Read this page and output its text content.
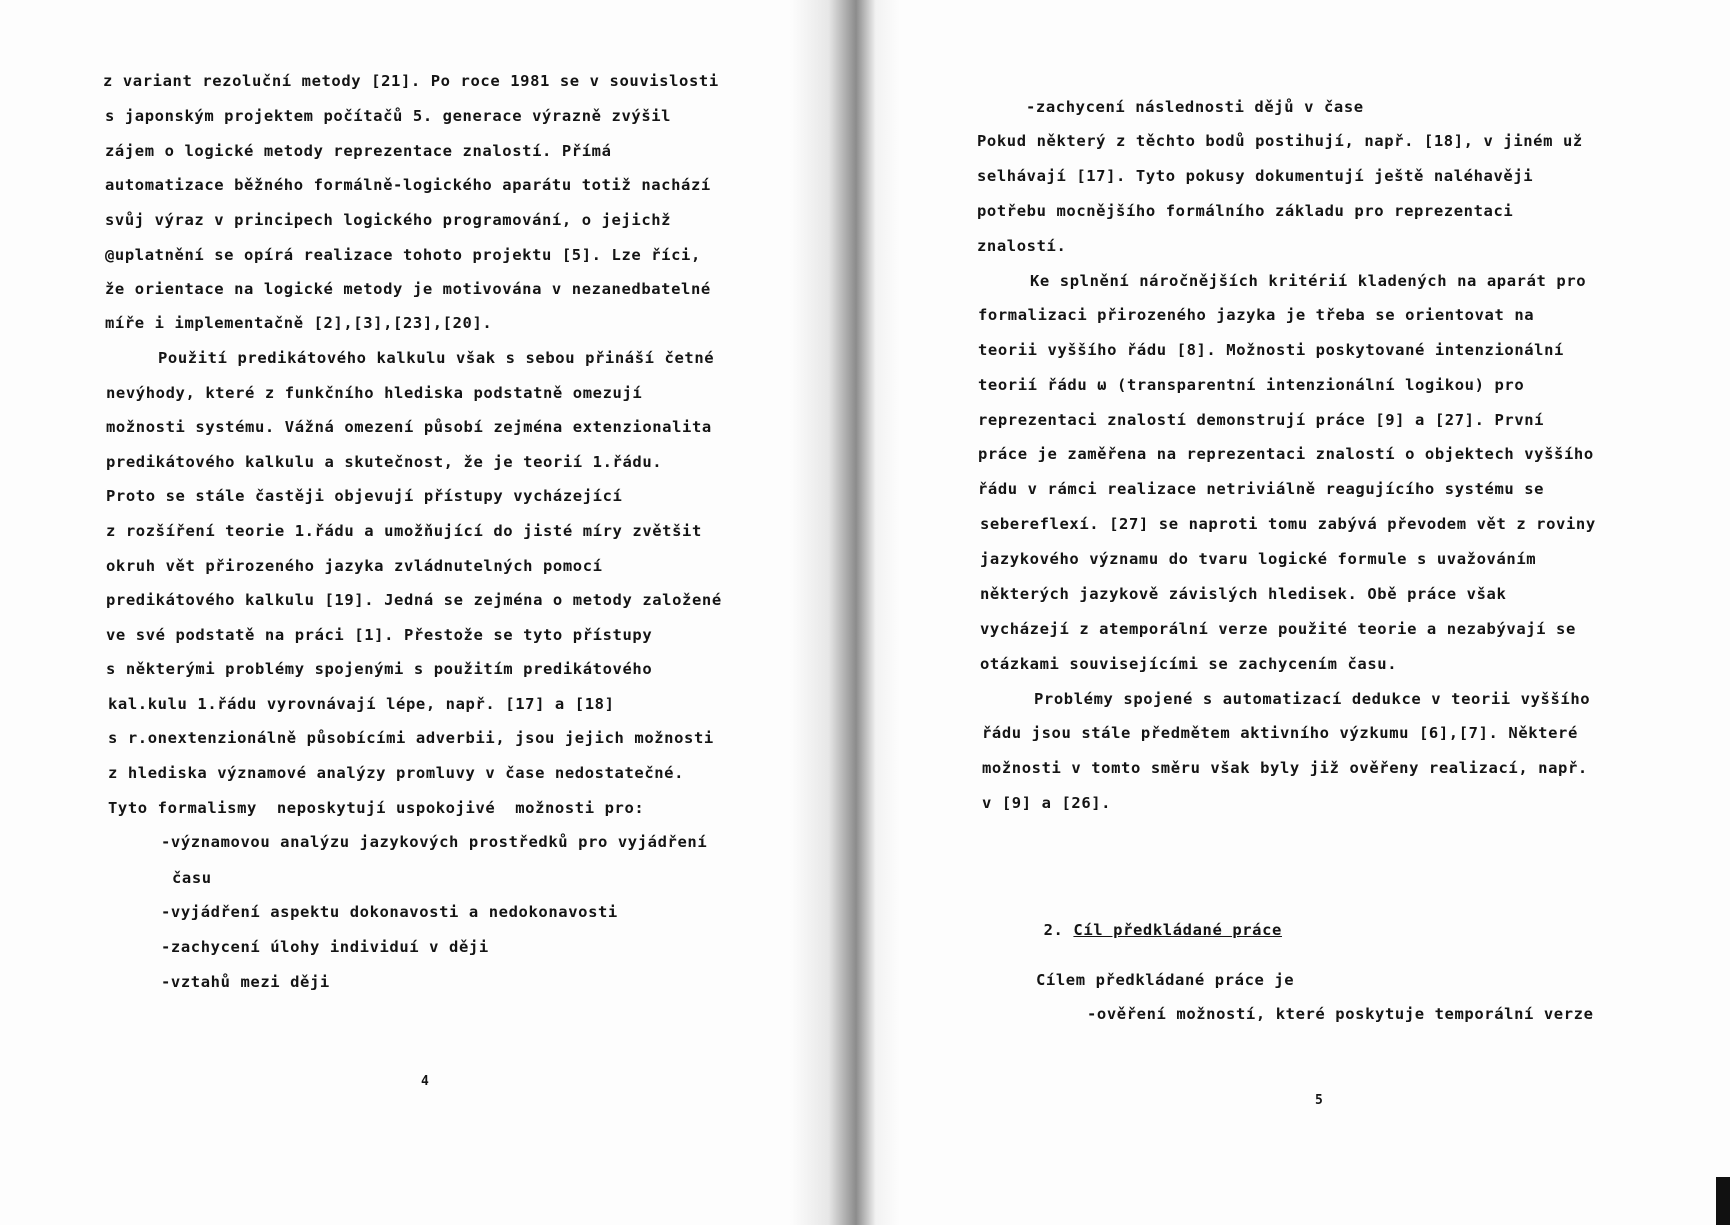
z variant rezoluční metody [21]. Po roce 1981 se v souvislosti
s japonským projektem počítačů 5. generace výrazně zvýšil
zájem o logické metody reprezentace znalostí. Přímá
automatizace běžného formálně-logického aparátu totiž nachází
svůj výraz v principech logického programování, o jejichž
@uplatnění se opírá realizace tohoto projektu [5]. Lze říci,
že orientace na logické metody je motivována v nezanedbatelné
míře i implementačně [2],[3],[23],[20].
Použití predikátového kalkulu však s sebou přináší četné
nevýhody, které z funkčního hlediska podstatně omezují
možnosti systému. Vážná omezení působí zejména extenzionalita
predikátového kalkulu a skutečnost, že je teorií 1.řádu.
Proto se stále častěji objevují přístupy vycházející
z rozšíření teorie 1.řádu a umožňující do jisté míry zvětšit
okruh vět přirozeného jazyka zvládnutelných pomocí
predikátového kalkulu [19]. Jedná se zejména o metody založené
ve své podstatě na práci [1]. Přestože se tyto přístupy
s některými problémy spojenými s použitím predikátového
kal.kulu 1.řádu vyrovnávají lépe, např. [17] a [18]
s r.onextenzionálně působícími adverbii, jsou jejich možnosti
z hlediska významové analýzy promluvy v čase nedostatečné.
Tyto formalismy  neposkytují uspokojivé  možnosti pro:
-významovou analýzu jazykových prostředků pro vyjádření
času
-vyjádření aspektu dokonavosti a nedokonavosti
-zachycení úlohy individuí v ději
-vztahů mezi ději
4
-zachycení následnosti dějů v čase
Pokud některý z těchto bodů postihují, např. [18], v jiném už
selhávají [17]. Tyto pokusy dokumentují ještě naléhavěji
potřebu mocnějšího formálního základu pro reprezentaci
znalostí.
Ke splnění náročnějších kritérií kladených na aparát pro
formalizaci přirozeného jazyka je třeba se orientovat na
teorii vyššího řádu [8]. Možnosti poskytované intenzionální
teorií řádu ω (transparentní intenzionální logikou) pro
reprezentaci znalostí demonstrují práce [9] a [27]. První
práce je zaměřena na reprezentaci znalostí o objektech vyššího
řádu v rámci realizace netriviálně reagujícího systému se
sebereflexí. [27] se naproti tomu zabývá převodem vět z roviny
jazykového významu do tvaru logické formule s uvažováním
některých jazykově závislých hledisek. Obě práce však
vycházejí z atemporální verze použité teorie a nezabývají se
otázkami souvisejícími se zachycením času.
Problémy spojené s automatizací dedukce v teorii vyššího
řádu jsou stále předmětem aktivního výzkumu [6],[7]. Některé
možnosti v tomto směru však byly již ověřeny realizací, např.
v [9] a [26].

2. Cíl předkládané práce

Cílem předkládané práce je
-ověření možností, které poskytuje temporální verze
5
